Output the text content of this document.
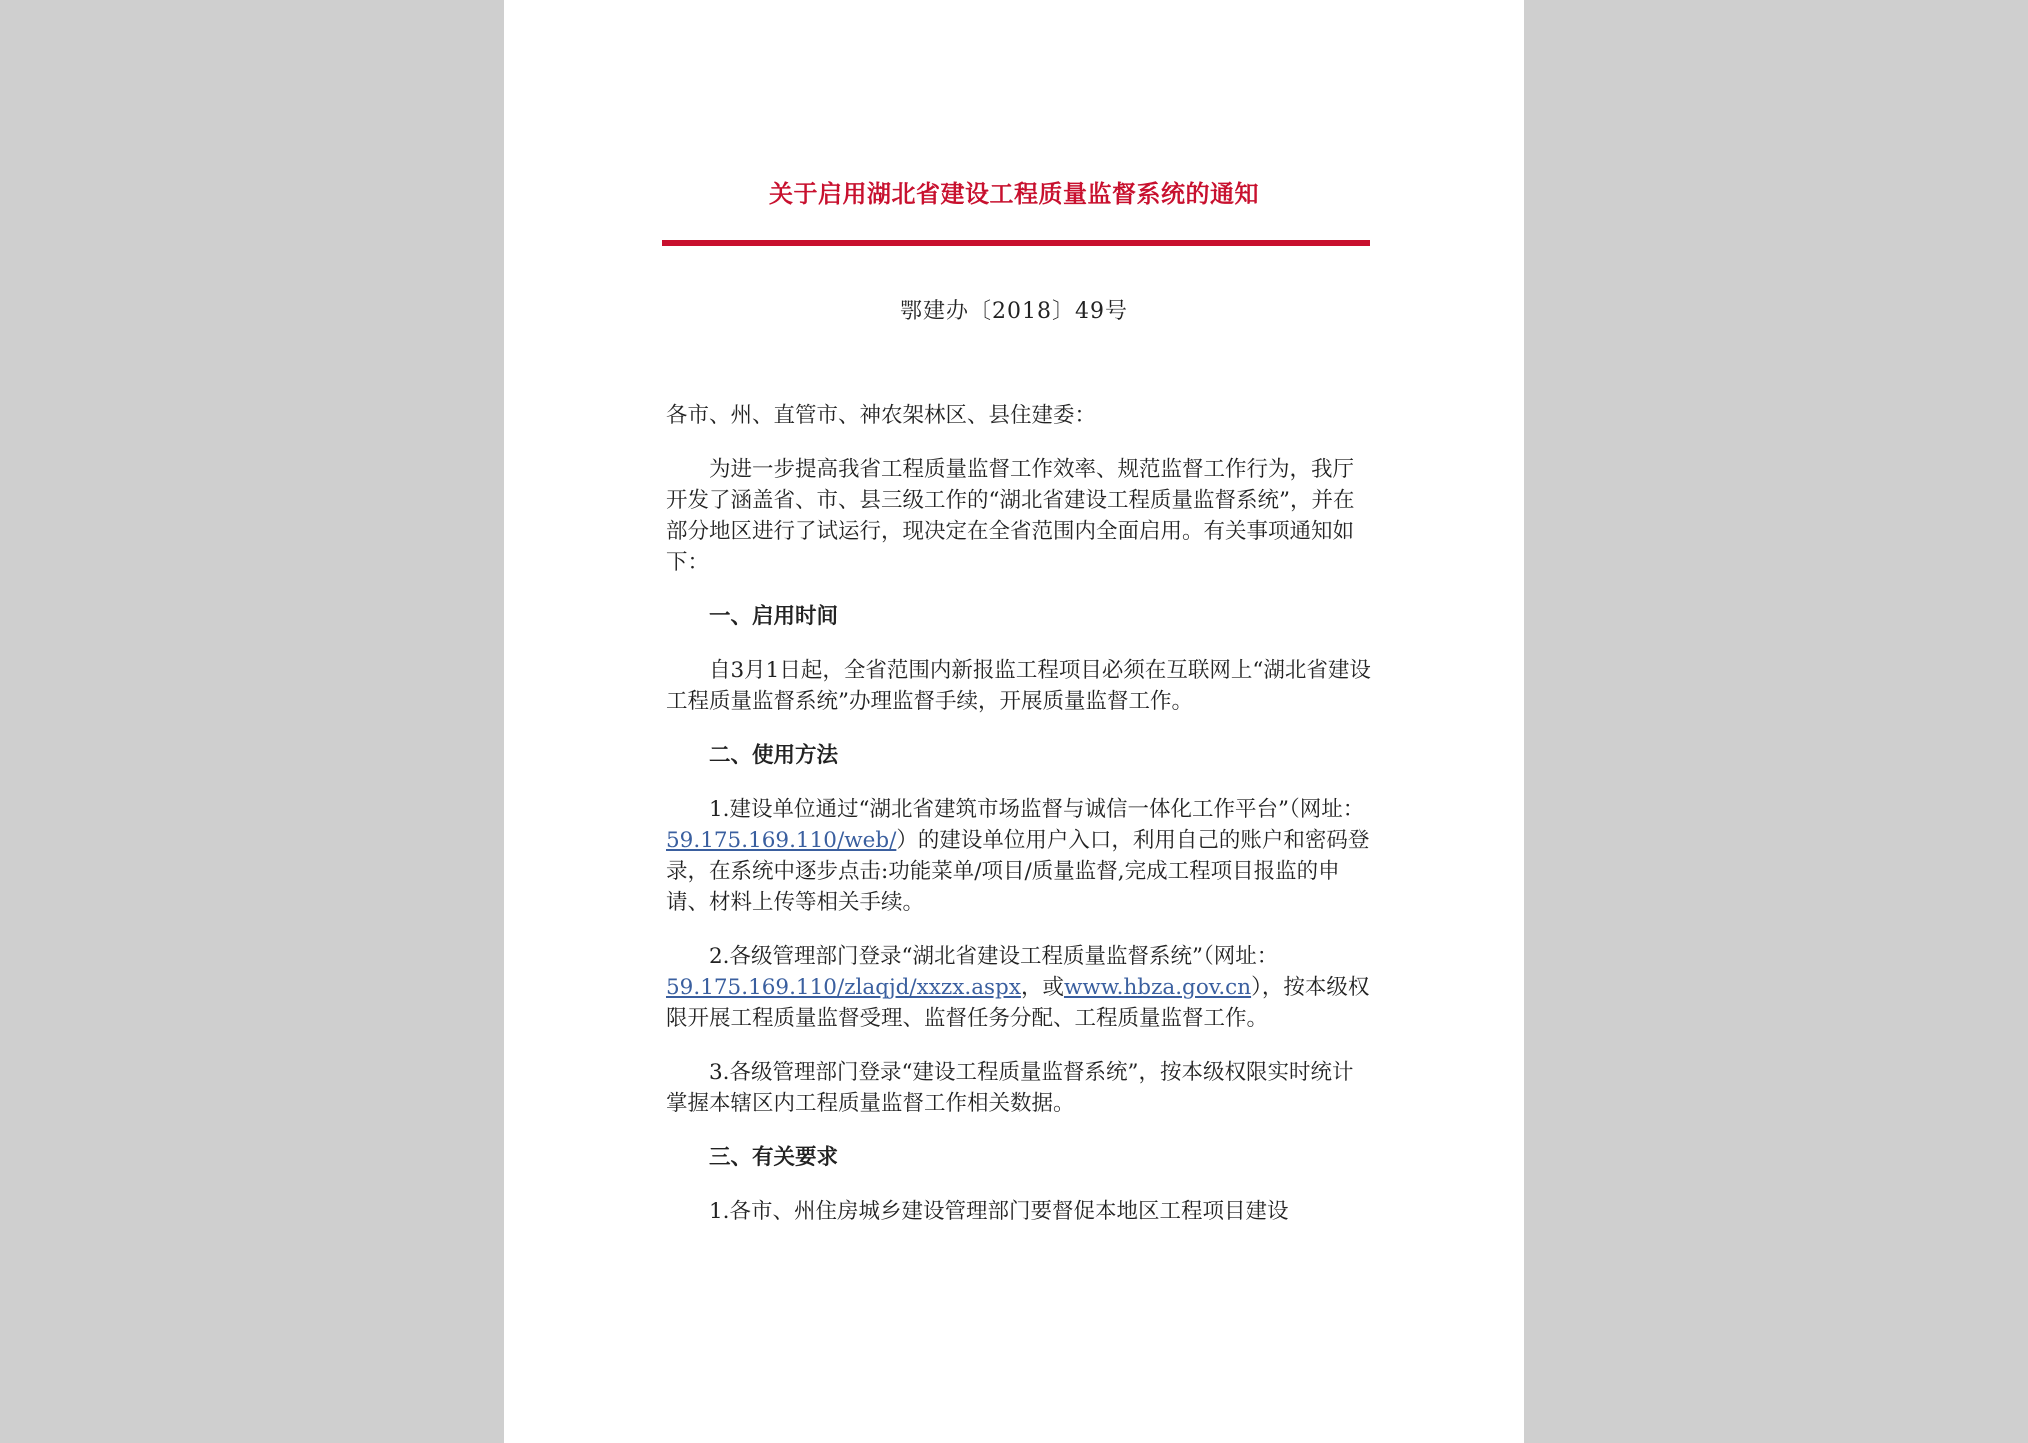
关于启用湖北省建设工程质量监督系统的通知
鄂建办〔2018〕49号

各市、州、直管市、神农架林区、县住建委：

为进一步提高我省工程质量监督工作效率、规范监督工作行为，我厅开发了涵盖省、市、县三级工作的“湖北省建设工程质量监督系统”，并在部分地区进行了试运行，现决定在全省范围内全面启用。有关事项通知如下：

一、启用时间

自3月1日起，全省范围内新报监工程项目必须在互联网上“湖北省建设工程质量监督系统”办理监督手续，开展质量监督工作。

二、使用方法

1.建设单位通过“湖北省建筑市场监督与诚信一体化工作平台”（网址：59.175.169.110/web/）的建设单位用户入口，利用自己的账户和密码登录，在系统中逐步点击:功能菜单/项目/质量监督,完成工程项目报监的申请、材料上传等相关手续。

2.各级管理部门登录“湖北省建设工程质量监督系统”（网址：59.175.169.110/zlaqjd/xxzx.aspx，或www.hbza.gov.cn），按本级权限开展工程质量监督受理、监督任务分配、工程质量监督工作。

3.各级管理部门登录“建设工程质量监督系统”，按本级权限实时统计掌握本辖区内工程质量监督工作相关数据。

三、有关要求

1.各市、州住房城乡建设管理部门要督促本地区工程项目建设
